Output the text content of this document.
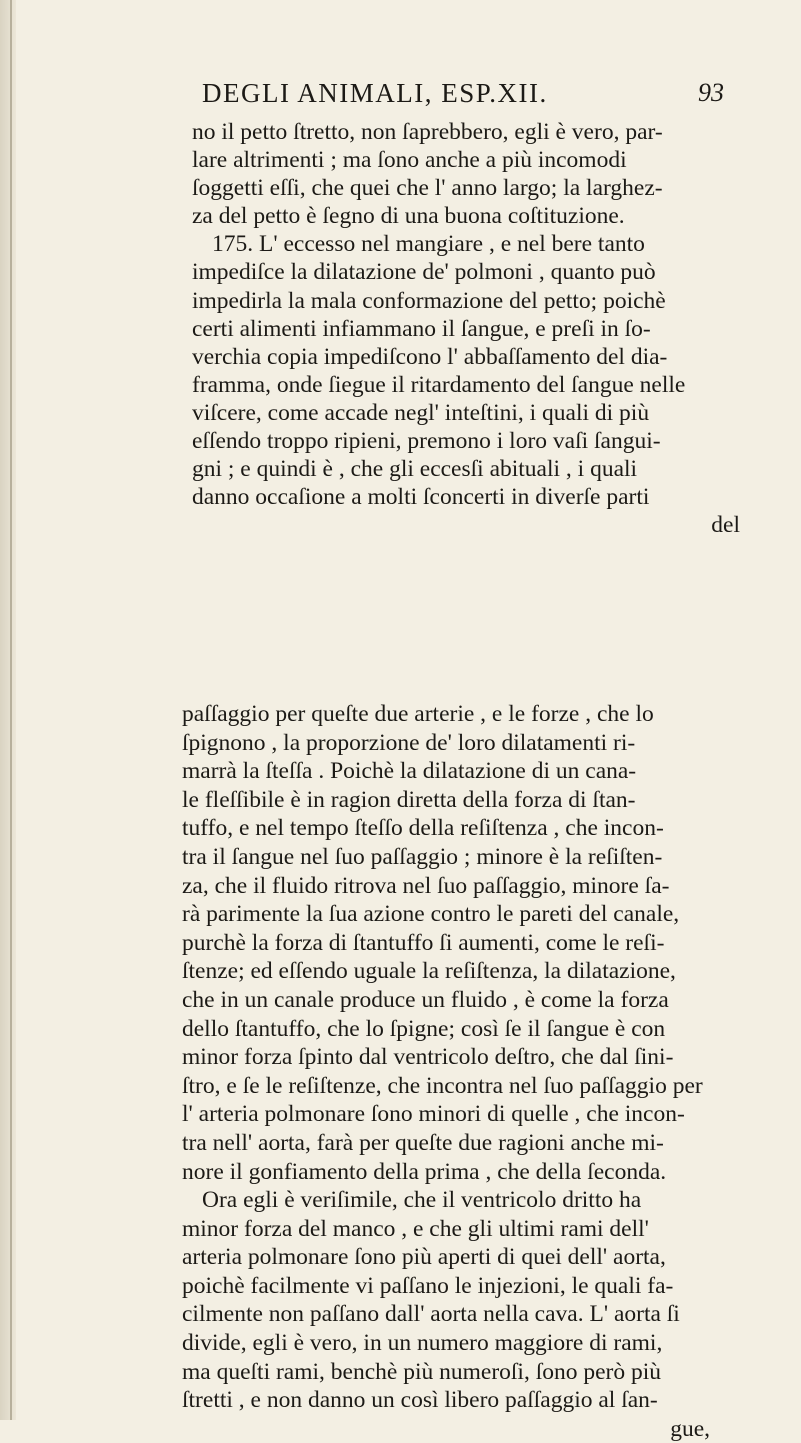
DEGLI ANIMALI, ESP.XII.	93
no il petto ſtretto, non ſaprebbero, egli è vero, par-
lare altrimenti ; ma ſono anche a più incomodi
ſoggetti eſſi, che quei che l' anno largo; la larghez-
za del petto è ſegno di una buona coſtituzione.
175. L' eccesso nel mangiare , e nel bere tanto
impediſce la dilatazione de' polmoni , quanto può
impedirla la mala conformazione del petto; poichè
certi alimenti infiammano il ſangue, e preſi in ſo-
verchia copia impediſcono l' abbaſſamento del dia-
framma, onde ſiegue il ritardamento del ſangue nelle
viſcere, come accade negl' inteſtini, i quali di più
eſſendo troppo ripieni, premono i loro vaſi ſangui-
gni ; e quindi è , che gli eccesſi abituali , i quali
danno occaſione a molti ſconcerti in diverſe parti
del
paſſaggio per queſte due arterie , e le forze , che lo
ſpignono , la proporzione de' loro dilatamenti ri-
marrà la ſteſſa . Poichè la dilatazione di un cana-
le fleſſibile è in ragion diretta della forza di ſtan-
tuffo, e nel tempo ſteſſo della reſiſtenza , che incon-
tra il ſangue nel ſuo paſſaggio ; minore è la reſiſten-
za, che il fluido ritrova nel ſuo paſſaggio, minore ſa-
rà parimente la ſua azione contro le pareti del canale,
purchè la forza di ſtantuffo ſi aumenti, come le reſi-
ſtenze; ed eſſendo uguale la reſiſtenza, la dilatazione,
che in un canale produce un fluido , è come la forza
dello ſtantuffo, che lo ſpigne; così ſe il ſangue è con
minor forza ſpinto dal ventricolo deſtro, che dal ſini-
ſtro, e ſe le reſiſtenze, che incontra nel ſuo paſſaggio per
l' arteria polmonare ſono minori di quelle , che incon-
tra nell' aorta, farà per queſte due ragioni anche mi-
nore il gonfiamento della prima , che della ſeconda.
Ora egli è veriſimile, che il ventricolo dritto ha
minor forza del manco , e che gli ultimi rami dell'
arteria polmonare ſono più aperti di quei dell' aorta,
poichè facilmente vi paſſano le injezioni, le quali fa-
cilmente non paſſano dall' aorta nella cava. L' aorta ſi
divide, egli è vero, in un numero maggiore di rami,
ma queſti rami, benchè più numeroſi, ſono però più
ſtretti , e non danno un così libero paſſaggio al ſan-
gue,
